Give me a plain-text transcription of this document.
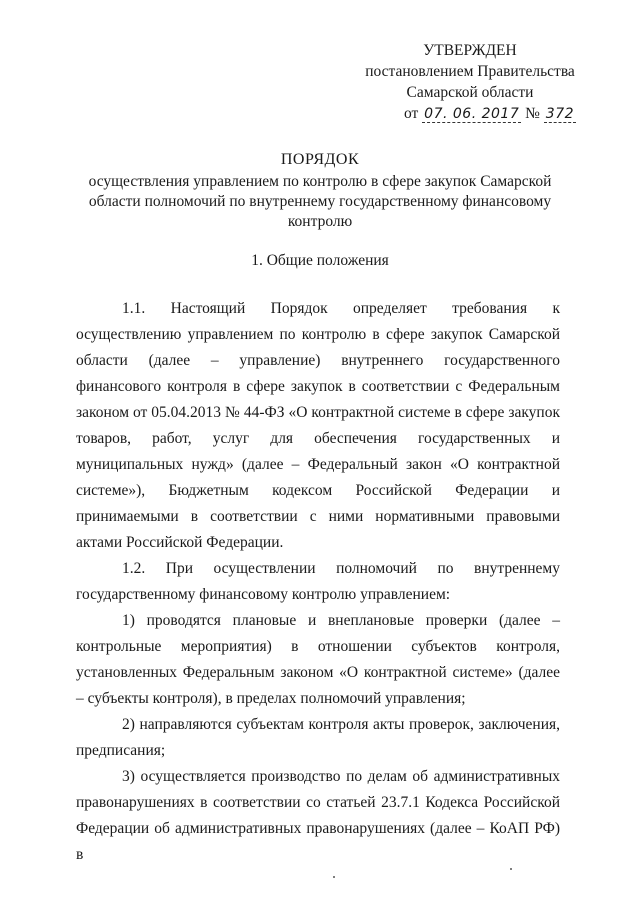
УТВЕРЖДЕН
постановлением Правительства
Самарской области
от 07. 06. 2017 № 372
ПОРЯДОК
осуществления управлением по контролю в сфере закупок Самарской области полномочий по внутреннему государственному финансовому контролю
1. Общие положения

1.1. Настоящий Порядок определяет требования к осуществлению управлением по контролю в сфере закупок Самарской области (далее – управление) внутреннего государственного финансового контроля в сфере закупок в соответствии с Федеральным законом от 05.04.2013 № 44-ФЗ «О контрактной системе в сфере закупок товаров, работ, услуг для обеспечения государственных и муниципальных нужд» (далее – Федеральный закон «О контрактной системе»), Бюджетным кодексом Российской Федерации и принимаемыми в соответствии с ними нормативными правовыми актами Российской Федерации.

1.2. При осуществлении полномочий по внутреннему государственному финансовому контролю управлением:

1) проводятся плановые и внеплановые проверки (далее – контрольные мероприятия) в отношении субъектов контроля, установленных Федеральным законом «О контрактной системе» (далее – субъекты контроля), в пределах полномочий управления;

2) направляются субъектам контроля акты проверок, заключения, предписания;

3) осуществляется производство по делам об административных правонарушениях в соответствии со статьей 23.7.1 Кодекса Российской Федерации об административных правонарушениях (далее – КоАП РФ) в
